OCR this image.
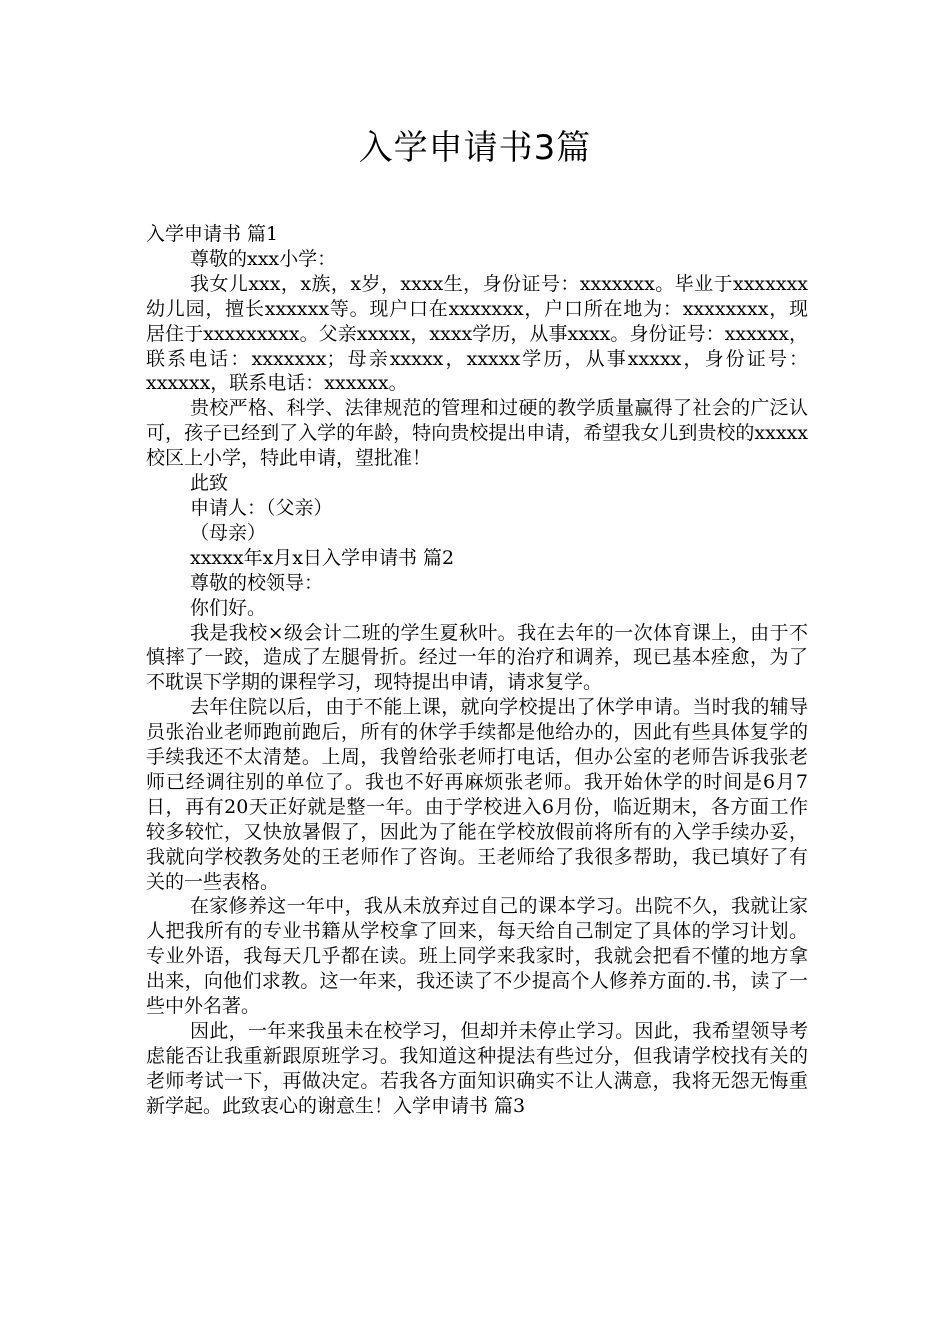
入学申请书3篇

入学申请书 篇1

尊敬的xxx小学：

我女儿xxx，x族，x岁，xxxx生，身份证号：xxxxxxx。毕业于xxxxxxx幼儿园，擅长xxxxxx等。现户口在xxxxxxx，户口所在地为：xxxxxxxx，现居住于xxxxxxxxx。父亲xxxxx，xxxx学历，从事xxxx。身份证号：xxxxxx，联系电话：xxxxxxx；母亲xxxxx，xxxxx学历，从事xxxxx，身份证号：xxxxxx，联系电话：xxxxxx。

贵校严格、科学、法律规范的管理和过硬的教学质量赢得了社会的广泛认可，孩子已经到了入学的年龄，特向贵校提出申请，希望我女儿到贵校的xxxxx校区上小学，特此申请，望批准！

此致

申请人：（父亲）

（母亲）

xxxxx年x月x日入学申请书 篇2

尊敬的校领导：

你们好。

我是我校×级会计二班的学生夏秋叶。我在去年的一次体育课上，由于不慎摔了一跤，造成了左腿骨折。经过一年的治疗和调养，现已基本痊愈，为了不耽误下学期的课程学习，现特提出申请，请求复学。

去年住院以后，由于不能上课，就向学校提出了休学申请。当时我的辅导员张治业老师跑前跑后，所有的休学手续都是他给办的，因此有些具体复学的手续我还不太清楚。上周，我曾给张老师打电话，但办公室的老师告诉我张老师已经调往别的单位了。我也不好再麻烦张老师。我开始休学的时间是6月7日，再有20天正好就是整一年。由于学校进入6月份，临近期末，各方面工作较多较忙，又快放暑假了，因此为了能在学校放假前将所有的入学手续办妥，我就向学校教务处的王老师作了咨询。王老师给了我很多帮助，我已填好了有关的一些表格。

在家修养这一年中，我从未放弃过自己的课本学习。出院不久，我就让家人把我所有的专业书籍从学校拿了回来，每天给自己制定了具体的学习计划。专业外语，我每天几乎都在读。班上同学来我家时，我就会把看不懂的地方拿出来，向他们求教。这一年来，我还读了不少提高个人修养方面的.书，读了一些中外名著。

因此，一年来我虽未在校学习，但却并未停止学习。因此，我希望领导考虑能否让我重新跟原班学习。我知道这种提法有些过分，但我请学校找有关的老师考试一下，再做决定。若我各方面知识确实不让人满意，我将无怨无悔重新学起。此致衷心的谢意生！入学申请书 篇3
